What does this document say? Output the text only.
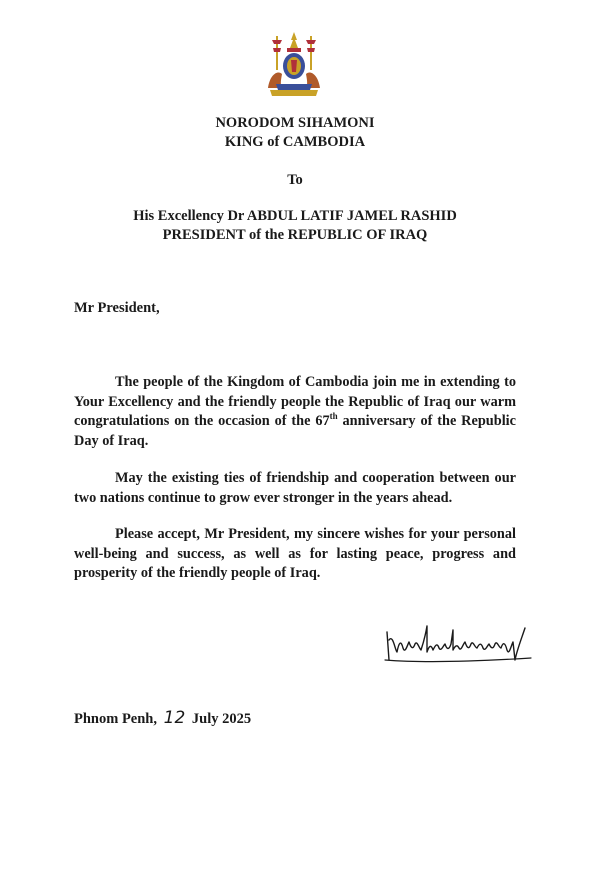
NORODOM SIHAMONI
KING of CAMBODIA
To
His Excellency Dr ABDUL LATIF JAMEL RASHID
PRESIDENT of the REPUBLIC OF IRAQ
Mr President,
The people of the Kingdom of Cambodia join me in extending to Your Excellency and the friendly people the Republic of Iraq our warm congratulations on the occasion of the 67th anniversary of the Republic Day of Iraq.
May the existing ties of friendship and cooperation between our two nations continue to grow ever stronger in the years ahead.
Please accept, Mr President, my sincere wishes for your personal well-being and success, as well as for lasting peace, progress and prosperity of the friendly people of Iraq.
Phnom Penh, 12 July 2025
